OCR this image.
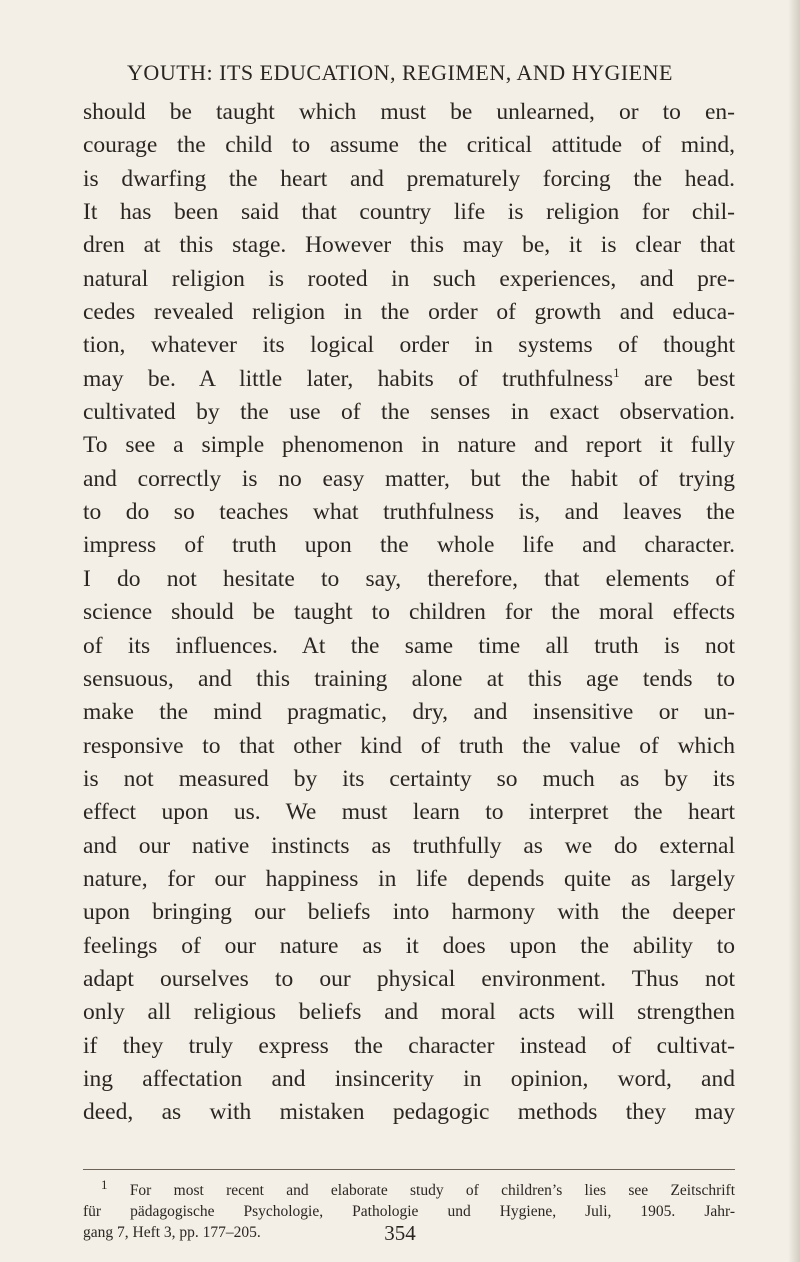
YOUTH: ITS EDUCATION, REGIMEN, AND HYGIENE
should be taught which must be unlearned, or to en-
courage the child to assume the critical attitude of mind,
is dwarfing the heart and prematurely forcing the head.
It has been said that country life is religion for chil-
dren at this stage. However this may be, it is clear that
natural religion is rooted in such experiences, and pre-
cedes revealed religion in the order of growth and educa-
tion, whatever its logical order in systems of thought
may be. A little later, habits of truthfulness$^1$ are best
cultivated by the use of the senses in exact observation.
To see a simple phenomenon in nature and report it fully
and correctly is no easy matter, but the habit of trying
to do so teaches what truthfulness is, and leaves the
impress of truth upon the whole life and character.
I do not hesitate to say, therefore, that elements of
science should be taught to children for the moral effects
of its influences. At the same time all truth is not
sensuous, and this training alone at this age tends to
make the mind pragmatic, dry, and insensitive or un-
responsive to that other kind of truth the value of which
is not measured by its certainty so much as by its
effect upon us. We must learn to interpret the heart
and our native instincts as truthfully as we do external
nature, for our happiness in life depends quite as largely
upon bringing our beliefs into harmony with the deeper
feelings of our nature as it does upon the ability to
adapt ourselves to our physical environment. Thus not
only all religious beliefs and moral acts will strengthen
if they truly express the character instead of cultivat-
ing affectation and insincerity in opinion, word, and
deed, as with mistaken pedagogic methods they may
$^1$ For most recent and elaborate study of children’s lies see Zeitschrift
für pädagogische Psychologie, Pathologie und Hygiene, Juli, 1905. Jahr-
gang 7, Heft 3, pp. 177–205.	354
